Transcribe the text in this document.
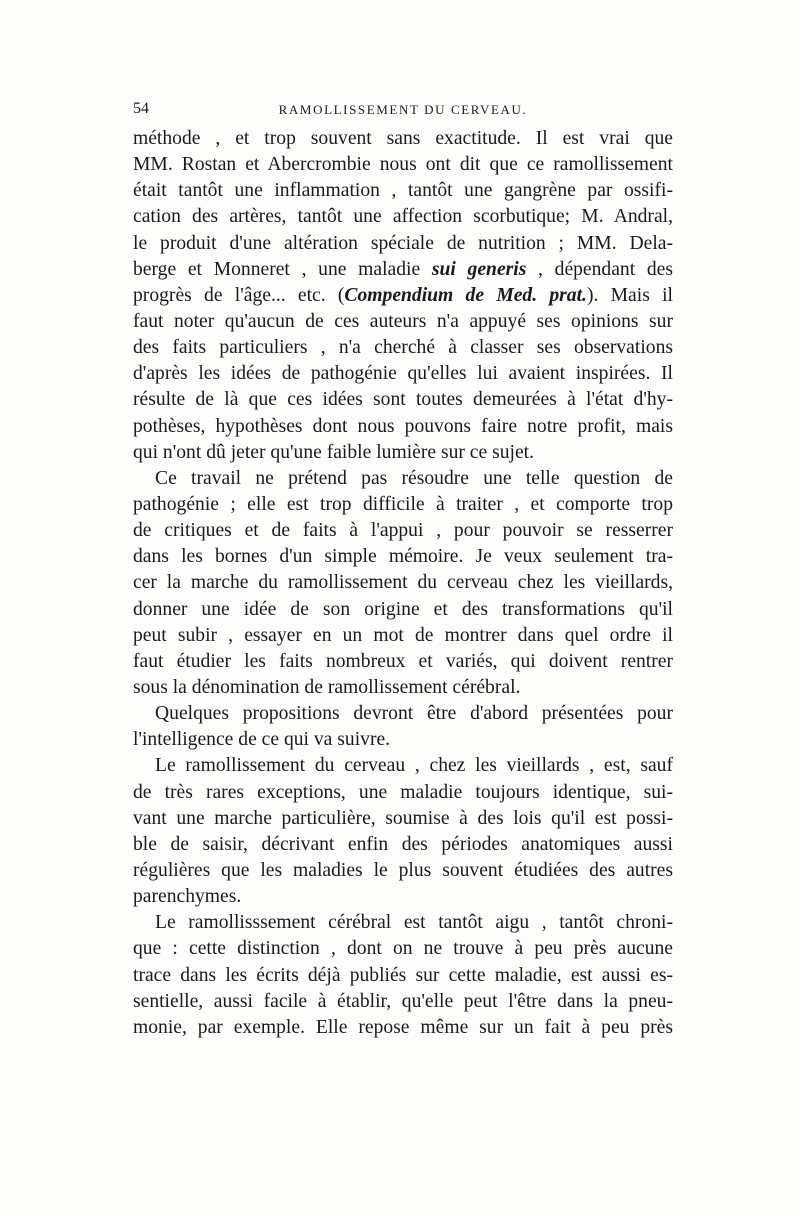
54	RAMOLLISSEMENT DU CERVEAU.
méthode , et trop souvent sans exactitude. Il est vrai que
MM. Rostan et Abercrombie nous ont dit que ce ramollissement
était tantôt une inflammation , tantôt une gangrène par ossifi-
cation des artères, tantôt une affection scorbutique; M. Andral,
le produit d'une altération spéciale de nutrition ; MM. Dela-
berge et Monneret , une maladie sui generis , dépendant des
progrès de l'âge... etc. (Compendium de Med. prat.). Mais il
faut noter qu'aucun de ces auteurs n'a appuyé ses opinions sur
des faits particuliers , n'a cherché à classer ses observations
d'après les idées de pathogénie qu'elles lui avaient inspirées. Il
résulte de là que ces idées sont toutes demeurées à l'état d'hy-
pothèses, hypothèses dont nous pouvons faire notre profit, mais
qui n'ont dû jeter qu'une faible lumière sur ce sujet.
Ce travail ne prétend pas résoudre une telle question de
pathogénie ; elle est trop difficile à traiter , et comporte trop
de critiques et de faits à l'appui , pour pouvoir se resserrer
dans les bornes d'un simple mémoire. Je veux seulement tra-
cer la marche du ramollissement du cerveau chez les vieillards,
donner une idée de son origine et des transformations qu'il
peut subir , essayer en un mot de montrer dans quel ordre il
faut étudier les faits nombreux et variés, qui doivent rentrer
sous la dénomination de ramollissement cérébral.
Quelques propositions devront être d'abord présentées pour
l'intelligence de ce qui va suivre.
Le ramollissement du cerveau , chez les vieillards , est, sauf
de très rares exceptions, une maladie toujours identique, sui-
vant une marche particulière, soumise à des lois qu'il est possi-
ble de saisir, décrivant enfin des périodes anatomiques aussi
régulières que les maladies le plus souvent étudiées des autres
parenchymes.
Le ramollisssement cérébral est tantôt aigu , tantôt chroni-
que : cette distinction , dont on ne trouve à peu près aucune
trace dans les écrits déjà publiés sur cette maladie, est aussi es-
sentielle, aussi facile à établir, qu'elle peut l'être dans la pneu-
monie, par exemple. Elle repose même sur un fait à peu près
